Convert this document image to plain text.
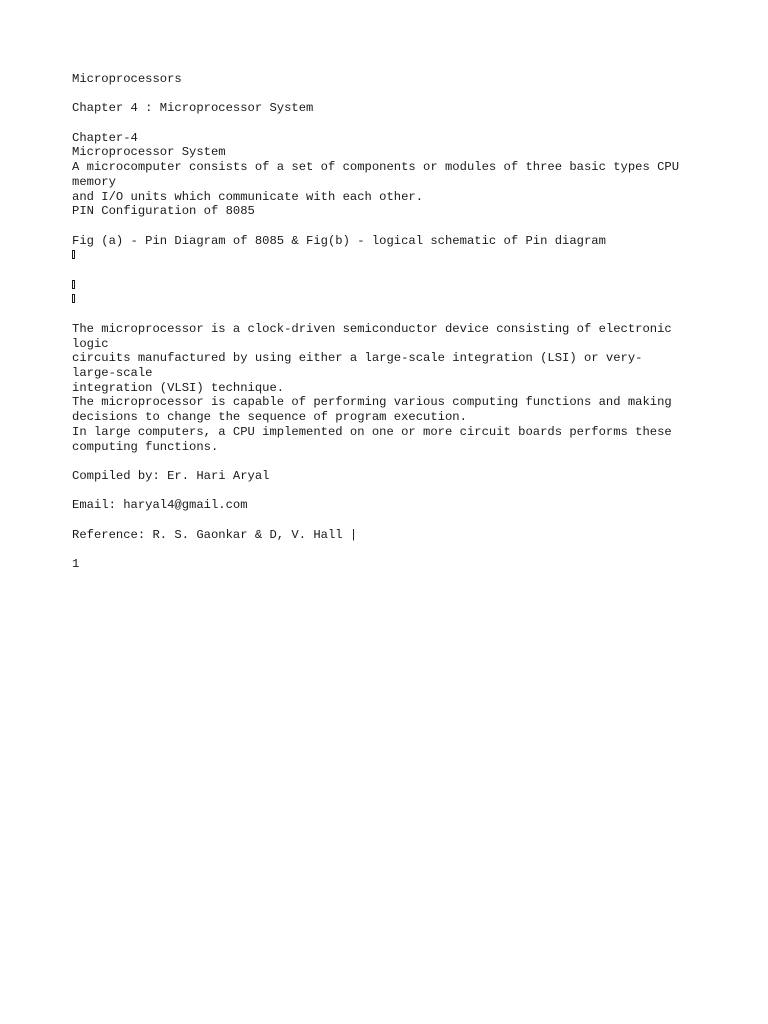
Microprocessors
Chapter 4 : Microprocessor System
Chapter-4
Microprocessor System
A microcomputer consists of a set of components or modules of three basic types CPU
memory
and I/O units which communicate with each other.
PIN Configuration of 8085
Fig (a) - Pin Diagram of 8085 & Fig(b) - logical schematic of Pin diagram
The microprocessor is a clock-driven semiconductor device consisting of electronic
logic
circuits manufactured by using either a large-scale integration (LSI) or very-
large-scale
integration (VLSI) technique.
The microprocessor is capable of performing various computing functions and making
decisions to change the sequence of program execution.
In large computers, a CPU implemented on one or more circuit boards performs these
computing functions.
Compiled by: Er. Hari Aryal
Email: haryal4@gmail.com
Reference: R. S. Gaonkar & D, V. Hall |
1
